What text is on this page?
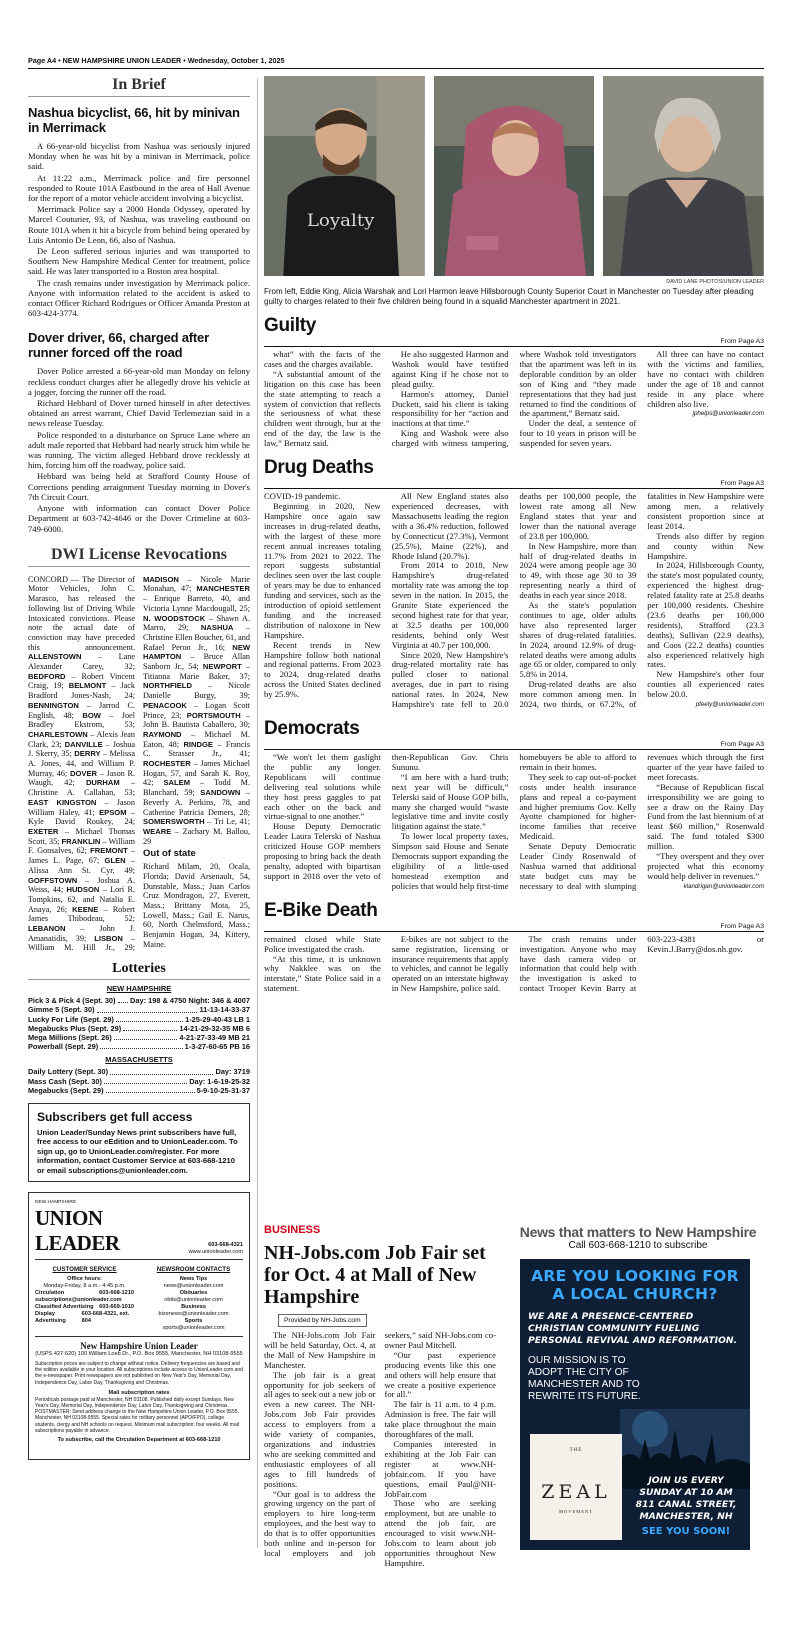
Page A4 • NEW HAMPSHIRE UNION LEADER • Wednesday, October 1, 2025
In Brief
Nashua bicyclist, 66, hit by minivan in Merrimack

A 66-year-old bicyclist from Nashua was seriously injured Monday when he was hit by a minivan in Merrimack, police said.

At 11:22 a.m., Merrimack police and fire personnel responded to Route 101A Eastbound in the area of Hall Avenue for the report of a motor vehicle accident involving a bicyclist.

Merrimack Police say a 2000 Honda Odyssey, operated by Marcel Couturier, 93, of Nashua, was traveling eastbound on Route 101A when it hit a bicycle from behind being operated by Luis Antonio De Leon, 66, also of Nashua.

De Leon suffered serious injuries and was transported to Southern New Hampshire Medical Center for treatment, police said. He was later transported to a Boston area hospital.

The crash remains under investigation by Merrimack police. Anyone with information related to the accident is asked to contact Officer Richard Rodrigues or Officer Amanda Preston at 603-424-3774.

Dover driver, 66, charged after runner forced off the road

Dover Police arrested a 66-year-old man Monday on felony reckless conduct charges after he allegedly drove his vehicle at a jogger, forcing the runner off the road.

Richard Hebbard of Dover turned himself in after detectives obtained an arrest warrant, Chief David Terlemezian said in a news release Tuesday.

Police responded to a disturbance on Spruce Lane where an adult male reported that Hebbard had nearly struck him while he was running. The victim alleged Hebbard drove recklessly at him, forcing him off the roadway, police said.

Hebbard was being held at Strafford County House of Corrections pending arraignment Tuesday morning in Dover's 7th Circuit Court.

Anyone with information can contact Dover Police Department at 603-742-4646 or the Dover Crimeline at 603-749-6000.

DWI License Revocations
CONCORD — The Director of Motor Vehicles, John C. Marasco, has released the following list of Driving While Intoxicated convictions. Please note the actual date of conviction may have preceded this announcement. ALLENSTOWN – Lane Alexander Carey, 32; BEDFORD – Robert Vincent Craig, 19; BELMONT – Jack Bradford Jones-Nash, 24; BENNINGTON – Jarrod C. English, 48; BOW – Joel Bradley Ekstrom, 53; CHARLESTOWN – Alexis Jean Clark, 23; DANVILLE – Joshua J. Skerry, 35; DERRY – Melissa A. Jones, 44, and William P. Murray, 46; DOVER – Jason R. Waugh, 42; DURHAM – Christine A. Callahan, 53; EAST KINGSTON – Jason William Haley, 41; EPSOM – Kyle David Roukey, 24; EXETER – Michael Thomas Scott, 35; FRANKLIN – William F. Gonsalves, 62; FREMONT – James L. Page, 67; GLEN – Alissa Ann St. Cyr, 49; GOFFSTOWN – Joshua A. Weiss, 44; HUDSON – Lori R. Tompkins, 62, and Natalia E. Anaya, 26; KEENE – Robert James Thibodeau, 52; LEBANON – John J. Amanatidis, 39; LISBON – William M. Hill Jr., 29; MADISON – Nicole Marie Monahan, 47; MANCHESTER – Enrique Barreto, 40, and Victoria Lynne Macdougall, 25; N. WOODSTOCK – Shawn A. Marro, 29; NASHUA – Christine Ellen Boucher, 61, and Rafael Peron Jr., 16; NEW HAMPTON – Bruce Allan Sanborn Jr., 54; NEWPORT – Titianna Marie Baker, 37; NORTHFIELD – Nicole Danielle Burgy, 39; PENACOOK – Logan Scott Prince, 23; PORTSMOUTH – John B. Bautista Caballero, 30; RAYMOND – Michael M. Eaton, 48; RINDGE – Francis C. Strasser Jr., 41; ROCHESTER – James Michael Hogan, 57, and Sarah K. Roy, 42; SALEM – Todd M. Blanchard, 59; SANDOWN – Beverly A. Perkins, 78, and Catherine Patricia Demers, 28; SOMERSWORTH – Tri Le, 41; WEARE – Zachary M. Ballou, 29
Out of state
Richard Milam, 20, Ocala, Florida; David Arsenault, 54, Dunstable, Mass.; Juan Carlos Cruz Mondragon, 27, Everett, Mass.; Brittany Mota, 25, Lowell, Mass.; Gail E. Narus, 60, North Chelmsford, Mass.; Benjamin Hogan, 34, Kittery, Maine.
Lotteries
NEW HAMPSHIRE
Pick 3 & Pick 4 (Sept. 30) Day: 198 & 4750 Night: 346 & 4007
Gimme 5 (Sept. 30)	11-13-14-33-37
Lucky For Life (Sept. 29)	1-25-29-40-43 LB 1
Megabucks Plus (Sept. 29)	14-21-29-32-35 MB 6
Mega Millions (Sept. 26)	4-21-27-33-49 MB 21
Powerball (Sept. 29)	1-3-27-60-65 PB 16
MASSACHUSETTS
Daily Lottery (Sept. 30)	Day: 3719
Mass Cash (Sept. 30)	Day: 1-6-19-25-32
Megabucks (Sept. 29)	5-9-10-25-31-37
Subscribers get full access

Union Leader/Sunday News print subscribers have full, free access to our eEdition and to UnionLeader.com. To sign up, go to UnionLeader.com/register. For more information, contact Customer Service at 603-668-1210 or email subscriptions@unionleader.com.

NEW HAMPSHIRE
UNION LEADER	603-668-4321
www.unionleader.com
CUSTOMER SERVICE
Office hours:
Monday-Friday, 8 a.m.- 4:45 p.m.
Circulation	603-668-1210
subscriptions@unionleader.com
Classified Advertising 603-669-1010
Display Advertising
603-668-4321, ext. 804
NEWSROOM CONTACTS
News Tips
news@unionleader.com
Obituaries
obits@unionleader.com
Business
bizenews@unionleader.com
Sports
sports@unionleader.com
New Hampshire Union Leader
(USPS 427-620) 100 William Loeb Dr., P.O. Box 9555, Manchester, NH 03108-9555
Subscription prices are subject to change without notice. Delivery frequencies are based and the edition available in your location. All subscriptions include access to UnionLeader.com and the e-newspaper. Print newspapers are not published on New Year's Day, Memorial Day, Independence Day, Labor Day, Thanksgiving and Christmas.
Mail subscription rates
Periodicals postage paid at Manchester, NH 03108. Published daily except Sundays, New Year's Day, Memorial Day, Independence Day, Labor Day, Thanksgiving and Christmas. POSTMASTER: Send address change to the New Hampshire Union Leader, P.O. Box 9555, Manchester, NH 03108-9555. Special rates for military personnel (APO/FPO), college students, clergy and NH schools on request. Minimum mail subscription: four weeks. All mail subscriptions payable in advance.
To subscribe, call the Circulation Department at 603-668-1210
Loyalty
DAVID LANE PHOTOS/UNION LEADER
From left, Eddie King, Alicia Warshak and Lori Harmon leave Hillsborough County Superior Court in Manchester on Tuesday after pleading guilty to charges related to their five children being found in a squalid Manchester apartment in 2021.
Guilty
From Page A3

what” with the facts of the cases and the charges available.

“A substantial amount of the litigation on this case has been the state attempting to reach a system of conviction that reflects the seriousness of what these children went through, but at the end of the day, the law is the law,” Bernatz said.

He also suggested Harmon and Washok would have testified against King if he chose not to plead guilty.

Harmon's attorney, Daniel Duckett, said his client is taking responsibility for her “action and inactions at that time.”

King and Washok were also charged with witness tampering, where Washok told investigators that the apartment was left in its deplorable condition by an older son of King and “they made representations that they had just returned to find the conditions of the apartment,” Bernatz said.

Under the deal, a sentence of four to 10 years in prison will be suspended for seven years.

All three can have no contact with the victims and families, have no contact with children under the age of 18 and cannot reside in any place where children also live.

jphelps@unionleader.com
Drug Deaths
From Page A3

COVID-19 pandemic.

Beginning in 2020, New Hampshire once again saw increases in drug-related deaths, with the largest of these more recent annual increases totaling 11.7% from 2021 to 2022. The report suggests substantial declines seen over the last couple of years may be due to enhanced funding and services, such as the introduction of opioid settlement funding and the increased distribution of naloxone in New Hampshire.

Recent trends in New Hampshire follow both national and regional patterns. From 2023 to 2024, drug-related deaths across the United States declined by 25.9%.

All New England states also experienced decreases, with Massachusetts leading the region with a 36.4% reduction, followed by Connecticut (27.3%), Vermont (25.5%), Maine (22%), and Rhode Island (20.7%).

From 2014 to 2018, New Hampshire's drug-related mortality rate was among the top seven in the nation. In 2015, the Granite State experienced the second highest rate for that year, at 32.5 deaths per 100,000 residents, behind only West Virginia at 40.7 per 100,000.

Since 2020, New Hampshire's drug-related mortality rate has pulled closer to national averages, due in part to rising national rates. In 2024, New Hampshire's rate fell to 20.0 deaths per 100,000 people, the lowest rate among all New England states that year and lower than the national average of 23.8 per 100,000.

In New Hampshire, more than half of drug-related deaths in 2024 were among people age 30 to 49, with those age 30 to 39 representing nearly a third of deaths in each year since 2018.

As the state's population continues to age, older adults have also represented larger shares of drug-related fatalities. In 2024, around 12.9% of drug-related deaths were among adults age 65 or older, compared to only 5.8% in 2014.

Drug-related deaths are also more common among men. In 2024, two thirds, or 67.2%, of fatalities in New Hampshire were among men, a relatively consistent proportion since at least 2014.

Trends also differ by region and county within New Hampshire.

In 2024, Hillsborough County, the state's most populated county, experienced the highest drug-related fatality rate at 25.8 deaths per 100,000 residents. Cheshire (23.6 deaths per 100,000 residents), Strafford (23.3 deaths), Sullivan (22.9 deaths), and Coos (22.2 deaths) counties also experienced relatively high rates.

New Hampshire's other four counties all experienced rates below 20.0.

pfeely@unionleader.com
Democrats
From Page A3

“We won't let them gaslight the public any longer. Republicans will continue delivering real solutions while they host press gaggles to pat each other on the back and virtue-signal to one another.”

House Deputy Democratic Leader Laura Telerski of Nashua criticized House GOP members proposing to bring back the death penalty, adopted with bipartisan support in 2018 over the veto of then-Republican Gov. Chris Sununu.

“I am here with a hard truth; next year will be difficult,” Telerski said of House GOP bills, many she charged would “waste legislative time and invite costly litigation against the state.”

To lower local property taxes, Simpson said House and Senate Democrats support expanding the eligibility of a little-used homestead exemption and policies that would help first-time homebuyers be able to afford to remain in their homes.

They seek to cap out-of-pocket costs under health insurance plans and repeal a co-payment and higher premiums Gov. Kelly Ayotte championed for higher-income families that receive Medicaid.

Senate Deputy Democratic Leader Cindy Rosenwald of Nashua warned that additional state budget cuts may be necessary to deal with slumping revenues which through the first quarter of the year have failed to meet forecasts.

“Because of Republican fiscal irresponsibility we are going to see a draw on the Rainy Day Fund from the last biennium of at least $60 million,” Rosenwald said. The fund totaled $300 million.

“They overspent and they over projected what this economy would help deliver in revenues.”

klandrigan@unionleader.com
E-Bike Death
From Page A3

remained closed while State Police investigated the crash.

“At this time, it is unknown why Nakklee was on the interstate,” State Police said in a statement.

E-bikes are not subject to the same registration, licensing or insurance requirements that apply to vehicles, and cannot be legally operated on an interstate highway in New Hampshire, police said.

The crash remains under investigation. Anyone who may have dash camera video or information that could help with the investigation is asked to contact Trooper Kevin Barry at 603-223-4381 or Kevin.J.Barry@dos.nh.gov.

BUSINESS
NH-Jobs.com Job Fair set for Oct. 4 at Mall of New Hampshire
Provided by NH-Jobs.com

The NH-Jobs.com Job Fair will be held Saturday, Oct. 4, at the Mall of New Hampshire in Manchester.

The job fair is a great opportunity for job seekers of all ages to seek out a new job or even a new career. The NH-Jobs.com Job Fair provides access to employers from a wide variety of companies, organizations and industries who are seeking committed and enthusiastic employees of all ages to fill hundreds of positions.

“Our goal is to address the growing urgency on the part of employers to hire long-term employees, and the best way to do that is to offer opportunities both online and in-person for local employers and job seekers,” said NH-Jobs.com co-owner Paul Mitchell.

“Our past experience producing events like this one and others will help ensure that we create a positive experience for all.”

The fair is 11 a.m. to 4 p.m. Admission is free. The fair will take place throughout the main thoroughfares of the mall.

Companies interested in exhibiting at the Job Fair can register at www.NH-jobfair.com. If you have questions, email Paul@NH-JobFair.com

Those who are seeking employment, but are unable to attend the job fair, are encouraged to visit www.NH-Jobs.com to learn about job opportunities throughout New Hampshire.

News that matters to New Hampshire
Call 603-668-1210 to subscribe
ARE YOU LOOKING FOR A LOCAL CHURCH?
WE ARE A PRESENCE-CENTERED CHRISTIAN COMMUNITY FUELING PERSONAL REVIVAL AND REFORMATION.
OUR MISSION IS TO ADOPT THE CITY OF MANCHESTER AND TO REWRITE ITS FUTURE.
THE
ZEAL
MOVEMENT
JOIN US EVERY SUNDAY AT 10 AM 811 CANAL STREET, MANCHESTER, NH
SEE YOU SOON!
